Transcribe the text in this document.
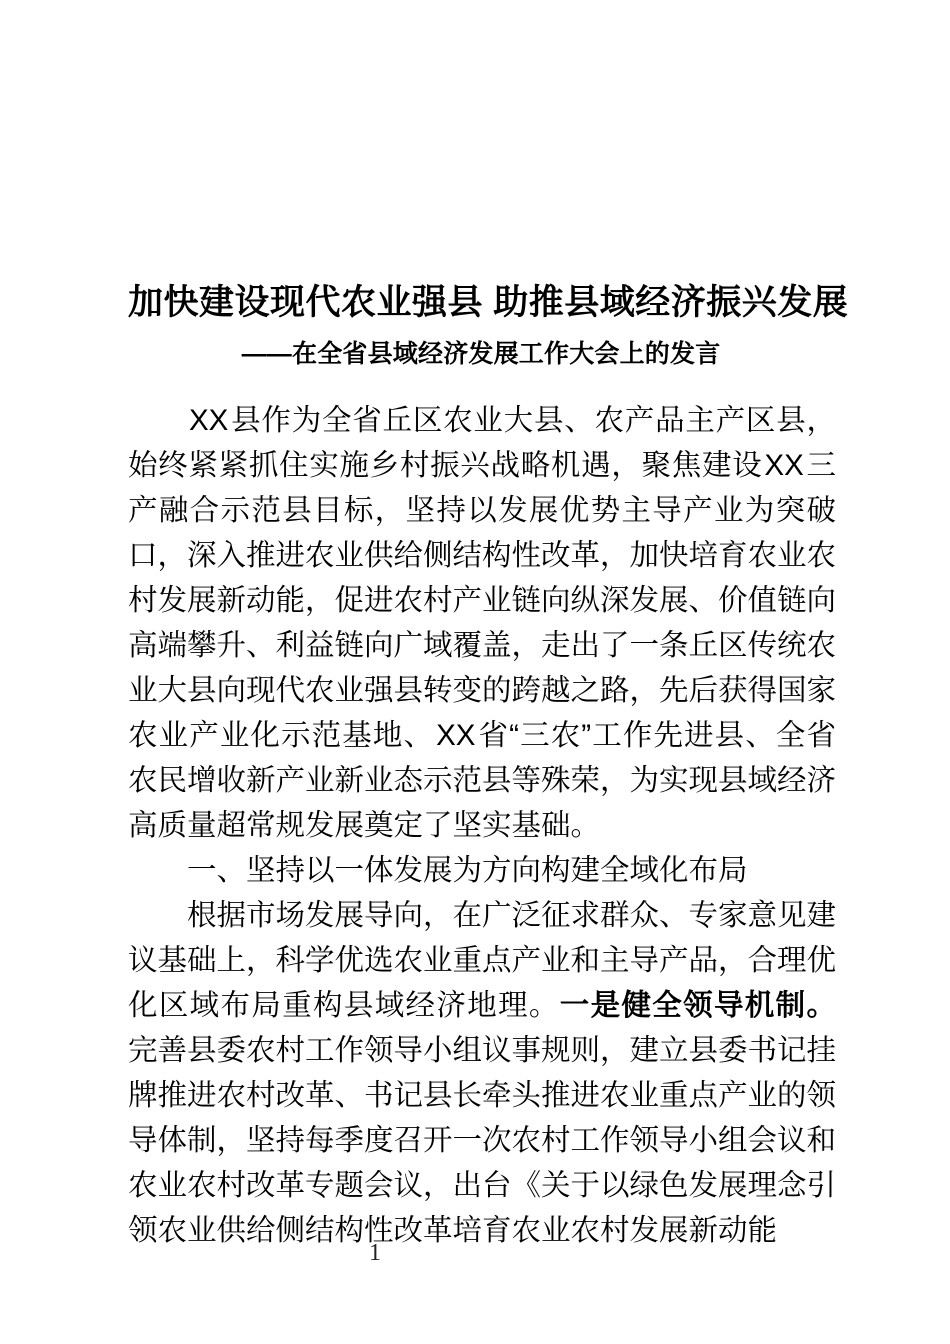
加快建设现代农业强县 助推县域经济振兴发展
——在全省县域经济发展工作大会上的发言

XX县作为全省丘区农业大县、农产品主产区县，始终紧紧抓住实施乡村振兴战略机遇，聚焦建设XX三产融合示范县目标，坚持以发展优势主导产业为突破口，深入推进农业供给侧结构性改革，加快培育农业农村发展新动能，促进农村产业链向纵深发展、价值链向高端攀升、利益链向广域覆盖，走出了一条丘区传统农业大县向现代农业强县转变的跨越之路，先后获得国家农业产业化示范基地、XX省“三农”工作先进县、全省农民增收新产业新业态示范县等殊荣，为实现县域经济高质量超常规发展奠定了坚实基础。

一、坚持以一体发展为方向构建全域化布局

根据市场发展导向，在广泛征求群众、专家意见建议基础上，科学优选农业重点产业和主导产品，合理优化区域布局重构县域经济地理。一是健全领导机制。完善县委农村工作领导小组议事规则，建立县委书记挂牌推进农村改革、书记县长牵头推进农业重点产业的领导体制，坚持每季度召开一次农村工作领导小组会议和农业农村改革专题会议，出台《关于以绿色发展理念引领农业供给侧结构性改革培育农业农村发展新动能

1
